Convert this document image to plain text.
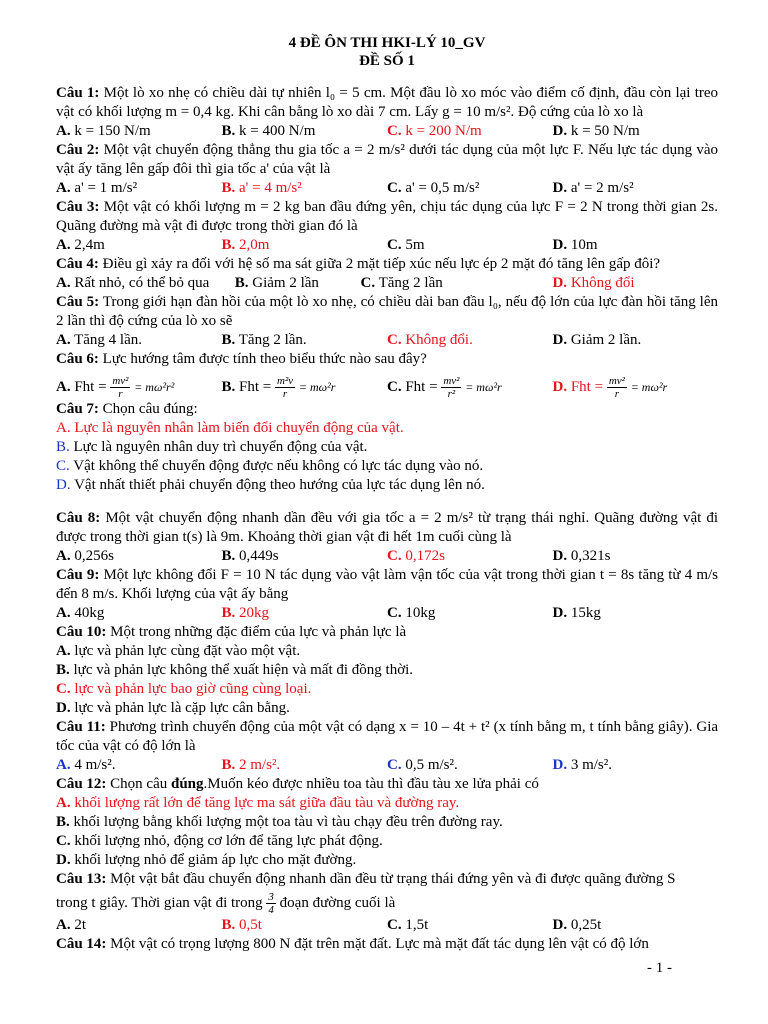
4 ĐỀ ÔN THI HKI-LÝ 10_GV
ĐỀ SỐ 1

Câu 1: Một lò xo nhẹ có chiều dài tự nhiên l₀ = 5 cm. Một đầu lò xo móc vào điểm cố định, đầu còn lại treo vật có khối lượng m = 0,4 kg. Khi cân bằng lò xo dài 7 cm. Lấy g = 10 m/s². Độ cứng của lò xo là

A. k = 150 N/m	B. k = 400 N/m	C. k = 200 N/m	D. k = 50 N/m

Câu 2: Một vật chuyển động thẳng thu gia tốc a = 2 m/s² dưới tác dụng của một lực F. Nếu lực tác dụng vào vật ấy tăng lên gấp đôi thì gia tốc a' của vật là

A. a' = 1 m/s²	B. a' = 4 m/s²	C. a' = 0,5 m/s²	D. a' = 2 m/s²

Câu 3: Một vật có khối lượng m = 2 kg ban đầu đứng yên, chịu tác dụng của lực F = 2 N trong thời gian 2s. Quãng đường mà vật đi được trong thời gian đó là

A. 2,4m	B. 2,0m	C. 5m	D. 10m

Câu 4: Điều gì xảy ra đối với hệ số ma sát giữa 2 mặt tiếp xúc nếu lực ép 2 mặt đó tăng lên gấp đôi?

A. Rất nhỏ, có thể bỏ qua	B. Giảm 2 lần	C. Tăng 2 lần	D. Không đổi

Câu 5: Trong giới hạn đàn hồi của một lò xo nhẹ, có chiều dài ban đầu l₀, nếu độ lớn của lực đàn hồi tăng lên 2 lần thì độ cứng của lò xo sẽ

A. Tăng 4 lần.	B. Tăng 2 lần.	C. Không đổi.	D. Giảm 2 lần.

Câu 6: Lực hướng tâm được tính theo biểu thức nào sau đây?

A. Fht = $\frac{\text{mv²}}{r} = m\omega^2r^2$	B. Fht = $\frac{\text{m²v}}{r} = m\omega^2r$	C. Fht = $\frac{\text{mv²}}{\text{r²}} = m\omega^2r$	D. Fht = $\frac{\text{mv²}}{r} = m\omega^2r$

Câu 7: Chọn câu đúng:

A. Lực là nguyên nhân làm biến đổi chuyển động của vật.
B. Lực là nguyên nhân duy trì chuyển động của vật.
C. Vật không thể chuyển động được nếu không có lực tác dụng vào nó.
D. Vật nhất thiết phải chuyển động theo hướng của lực tác dụng lên nó.

Câu 8: Một vật chuyển động nhanh dần đều với gia tốc a = 2 m/s² từ trạng thái nghỉ. Quãng đường vật đi được trong thời gian t(s) là 9m. Khoảng thời gian vật đi hết 1m cuối cùng là

A. 0,256s	B. 0,449s	C. 0,172s	D. 0,321s

Câu 9: Một lực không đổi F = 10 N tác dụng vào vật làm vận tốc của vật trong thời gian t = 8s tăng từ 4 m/s đến 8 m/s. Khối lượng của vật ấy bằng

A. 40kg	B. 20kg	C. 10kg	D. 15kg

Câu 10: Một trong những đặc điểm của lực và phản lực là

A. lực và phản lực cùng đặt vào một vật.
B. lực và phản lực không thể xuất hiện và mất đi đồng thời.
C. lực và phản lực bao giờ cũng cùng loại.
D. lực và phản lực là cặp lực cân bằng.

Câu 11: Phương trình chuyển động của một vật có dạng x = 10 – 4t + t² (x tính bằng m, t tính bằng giây). Gia tốc của vật có độ lớn là

A. 4 m/s².	B. 2 m/s².	C. 0,5 m/s².	D. 3 m/s².

Câu 12: Chọn câu đúng.Muốn kéo được nhiều toa tàu thì đầu tàu xe lửa phải có

A. khối lượng rất lớn để tăng lực ma sát giữa đầu tàu và đường ray.
B. khối lượng bằng khối lượng một toa tàu vì tàu chạy đều trên đường ray.
C. khối lượng nhỏ, động cơ lớn để tăng lực phát động.
D. khối lượng nhỏ để giảm áp lực cho mặt đường.

Câu 13: Một vật bắt đầu chuyển động nhanh dần đều từ trạng thái đứng yên và đi được quãng đường S

trong t giây. Thời gian vật đi trong $\frac{3}{4}$ đoạn đường cuối là

A. 2t	B. 0,5t	C. 1,5t	D. 0,25t

Câu 14: Một vật có trọng lượng 800 N đặt trên mặt đất. Lực mà mặt đất tác dụng lên vật có độ lớn

- 1 -
